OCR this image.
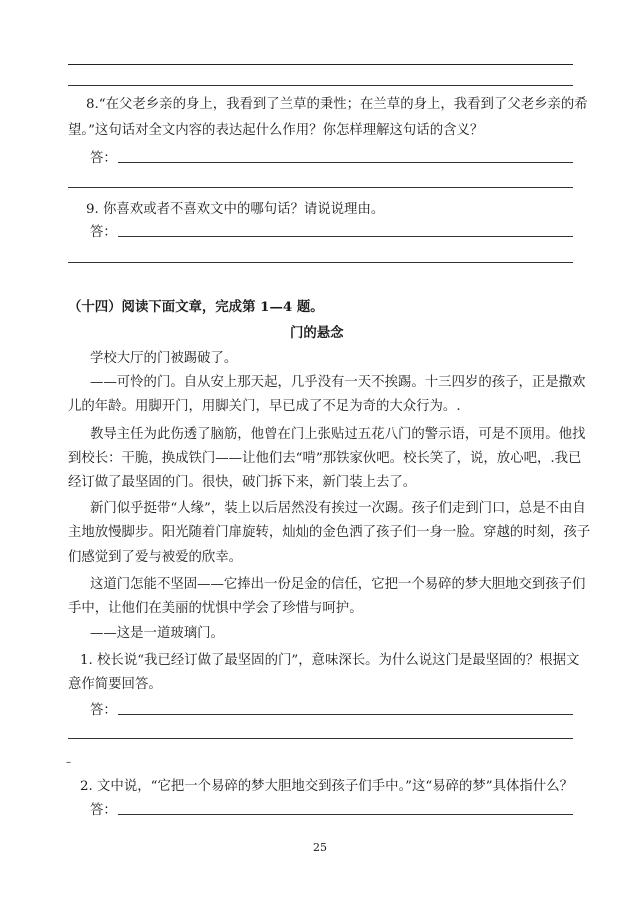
8.“在父老乡亲的身上，我看到了兰草的秉性；在兰草的身上，我看到了父老乡亲的希
望。”这句话对全文内容的表达起什么作用？你怎样理解这句话的含义？
答：
9. 你喜欢或者不喜欢文中的哪句话？请说说理由。
答：
（十四）阅读下面文章，完成第 1—4 题。
门的悬念
学校大厅的门被踢破了。
——可怜的门。自从安上那天起，几乎没有一天不挨踢。十三四岁的孩子，正是撒欢
儿的年龄。用脚开门，用脚关门，早已成了不足为奇的大众行为。.
教导主任为此伤透了脑筋，他曾在门上张贴过五花八门的警示语，可是不顶用。他找
到校长：干脆，换成铁门——让他们去“啃”那铁家伙吧。校长笑了，说，放心吧，.我已
经订做了最坚固的门。很快，破门拆下来，新门装上去了。
新门似乎挺带“人缘”，装上以后居然没有挨过一次踢。孩子们走到门口，总是不由自
主地放慢脚步。阳光随着门扉旋转，灿灿的金色洒了孩子们一身一脸。穿越的时刻，孩子
们感觉到了爱与被爱的欣幸。
这道门怎能不坚固——它捧出一份足金的信任，它把一个易碎的梦大胆地交到孩子们
手中，让他们在美丽的忧惧中学会了珍惜与呵护。
——这是一道玻璃门。
1. 校长说“我已经订做了最坚固的门”，意味深长。为什么说这门是最坚固的？根据文
意作简要回答。
答：
–
2. 文中说，“它把一个易碎的梦大胆地交到孩子们手中。”这“易碎的梦”具体指什么？
答：
25
